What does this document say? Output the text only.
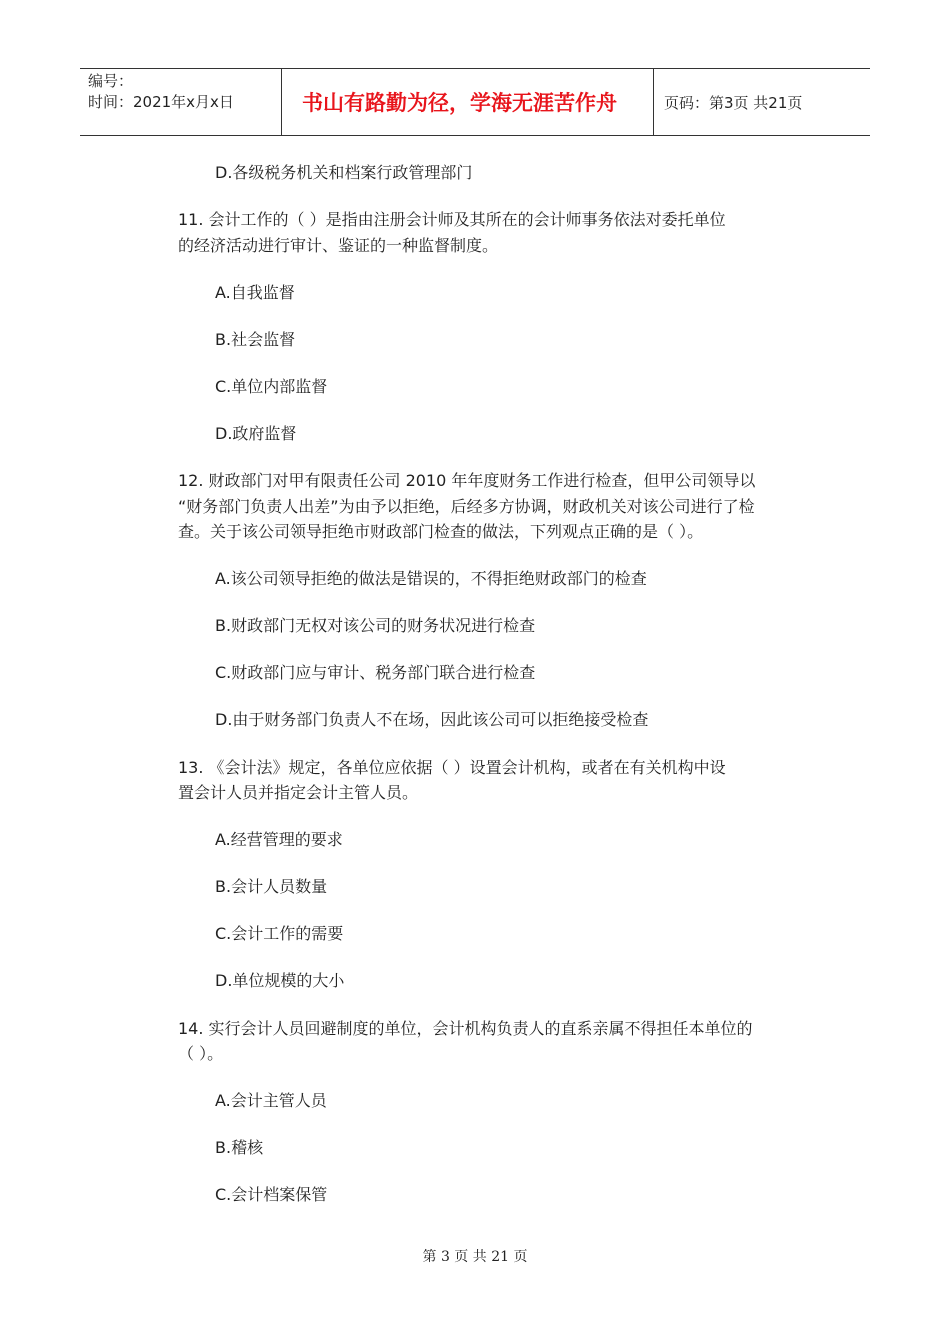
编号：
时间：2021年x月x日	书山有路勤为径，学海无涯苦作舟	页码：第3页 共21页
D.各级税务机关和档案行政管理部门
11. 会计工作的（ ）是指由注册会计师及其所在的会计师事务依法对委托单位
的经济活动进行审计、鉴证的一种监督制度。
A.自我监督
B.社会监督
C.单位内部监督
D.政府监督
12. 财政部门对甲有限责任公司 2010 年年度财务工作进行检查，但甲公司领导以
“财务部门负责人出差”为由予以拒绝，后经多方协调，财政机关对该公司进行了检
查。关于该公司领导拒绝市财政部门检查的做法，下列观点正确的是（ ）。
A.该公司领导拒绝的做法是错误的，不得拒绝财政部门的检查
B.财政部门无权对该公司的财务状况进行检查
C.财政部门应与审计、税务部门联合进行检查
D.由于财务部门负责人不在场，因此该公司可以拒绝接受检查
13. 《会计法》规定，各单位应依据（ ）设置会计机构，或者在有关机构中设
置会计人员并指定会计主管人员。
A.经营管理的要求
B.会计人员数量
C.会计工作的需要
D.单位规模的大小
14. 实行会计人员回避制度的单位，会计机构负责人的直系亲属不得担任本单位的
（ ）。
A.会计主管人员
B.稽核
C.会计档案保管
第 3 页 共 21 页
